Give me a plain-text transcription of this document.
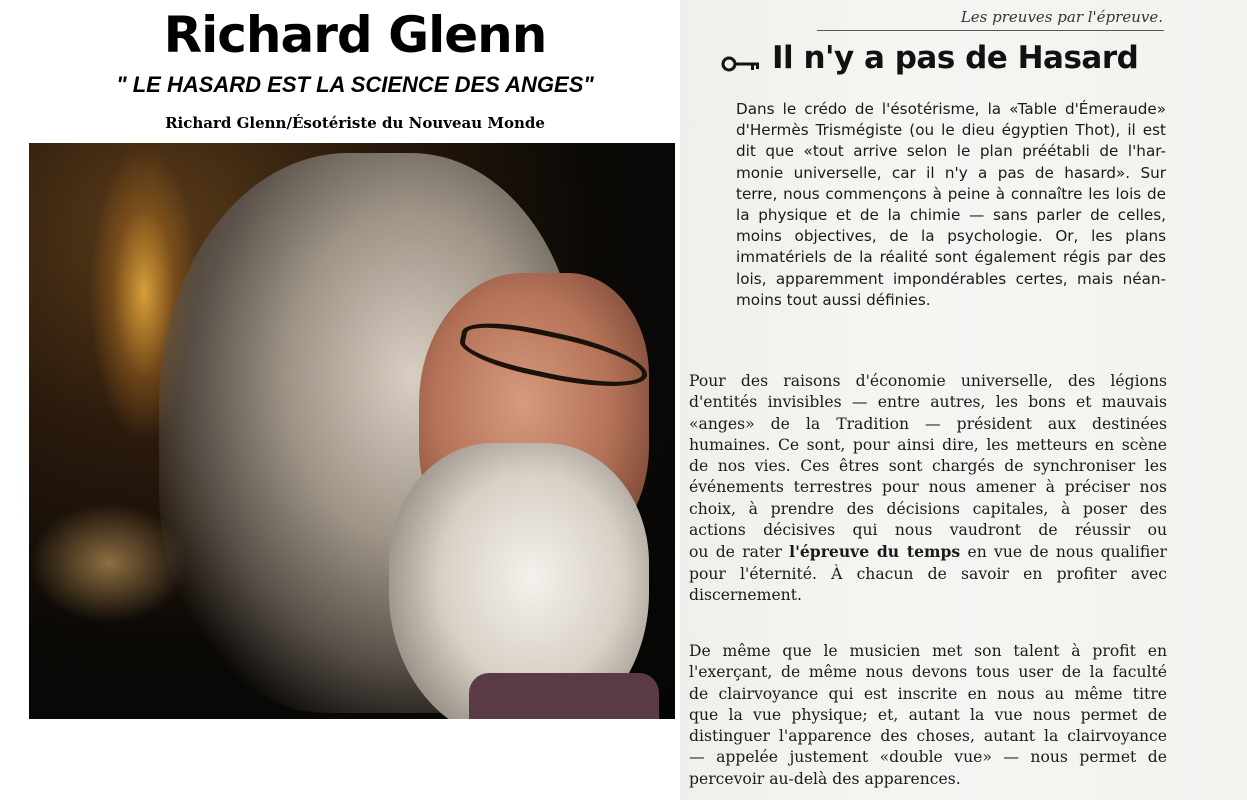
Richard Glenn
" LE HASARD EST LA SCIENCE DES ANGES"
Richard Glenn/Ésotériste du Nouveau Monde
Les preuves par l'épreuve.
Il n'y a pas de Hasard
Dans le crédo de l'ésotérisme, la «Table d'Émeraude»
d'Hermès Trismégiste (ou le dieu égyptien Thot), il est
dit que «tout arrive selon le plan préétabli de l'har-
monie universelle, car il n'y a pas de hasard». Sur
terre, nous commençons à peine à connaître les lois de
la physique et de la chimie — sans parler de celles,
moins objectives, de la psychologie. Or, les plans
immatériels de la réalité sont également régis par des
lois, apparemment impondérables certes, mais néan-
moins tout aussi définies.
Pour des raisons d'économie universelle, des légions
d'entités invisibles — entre autres, les bons et mauvais
«anges» de la Tradition — président aux destinées
humaines. Ce sont, pour ainsi dire, les metteurs en scène
de nos vies. Ces êtres sont chargés de synchroniser les
événements terrestres pour nous amener à préciser nos
choix, à prendre des décisions capitales, à poser des
actions décisives qui nous vaudront de réussir ou
ou de rater l'épreuve du temps en vue de nous qualifier
pour l'éternité. À chacun de savoir en profiter avec
discernement.
De même que le musicien met son talent à profit en
l'exerçant, de même nous devons tous user de la faculté
de clairvoyance qui est inscrite en nous au même titre
que la vue physique; et, autant la vue nous permet de
distinguer l'apparence des choses, autant la clairvoyance
— appelée justement «double vue» — nous permet de
percevoir au-delà des apparences.
